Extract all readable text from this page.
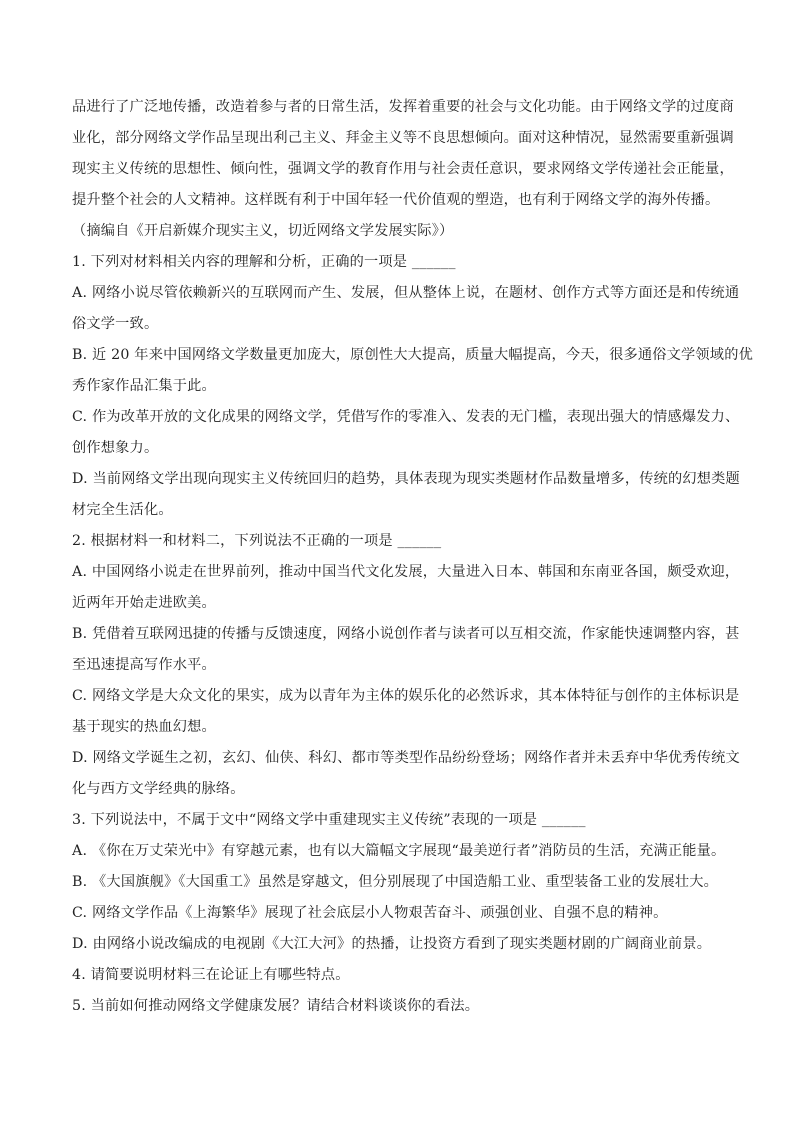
品进行了广泛地传播，改造着参与者的日常生活，发挥着重要的社会与文化功能。由于网络文学的过度商

业化，部分网络文学作品呈现出利己主义、拜金主义等不良思想倾向。面对这种情况，显然需要重新强调

现实主义传统的思想性、倾向性，强调文学的教育作用与社会责任意识，要求网络文学传递社会正能量，

提升整个社会的人文精神。这样既有利于中国年轻一代价值观的塑造，也有利于网络文学的海外传播。

（摘编自《开启新媒介现实主义，切近网络文学发展实际》）

1. 下列对材料相关内容的理解和分析，正确的一项是 ______

A. 网络小说尽管依赖新兴的互联网而产生、发展，但从整体上说，在题材、创作方式等方面还是和传统通

俗文学一致。

B. 近 20 年来中国网络文学数量更加庞大，原创性大大提高，质量大幅提高，今天，很多通俗文学领域的优

秀作家作品汇集于此。

C. 作为改革开放的文化成果的网络文学，凭借写作的零准入、发表的无门槛，表现出强大的情感爆发力、

创作想象力。

D. 当前网络文学出现向现实主义传统回归的趋势，具体表现为现实类题材作品数量增多，传统的幻想类题

材完全生活化。

2. 根据材料一和材料二，下列说法不正确的一项是 ______

A. 中国网络小说走在世界前列，推动中国当代文化发展，大量进入日本、韩国和东南亚各国，颇受欢迎，

近两年开始走进欧美。

B. 凭借着互联网迅捷的传播与反馈速度，网络小说创作者与读者可以互相交流，作家能快速调整内容，甚

至迅速提高写作水平。

C. 网络文学是大众文化的果实，成为以青年为主体的娱乐化的必然诉求，其本体特征与创作的主体标识是

基于现实的热血幻想。

D. 网络文学诞生之初，玄幻、仙侠、科幻、都市等类型作品纷纷登场；网络作者并未丢弃中华优秀传统文

化与西方文学经典的脉络。

3. 下列说法中，不属于文中“网络文学中重建现实主义传统”表现的一项是 ______

A. 《你在万丈荣光中》有穿越元素，也有以大篇幅文字展现“最美逆行者”消防员的生活，充满正能量。

B. 《大国旗舰》《大国重工》虽然是穿越文，但分别展现了中国造船工业、重型装备工业的发展壮大。

C. 网络文学作品《上海繁华》展现了社会底层小人物艰苦奋斗、顽强创业、自强不息的精神。

D. 由网络小说改编成的电视剧《大江大河》的热播，让投资方看到了现实类题材剧的广阔商业前景。

4. 请简要说明材料三在论证上有哪些特点。

5. 当前如何推动网络文学健康发展？请结合材料谈谈你的看法。
